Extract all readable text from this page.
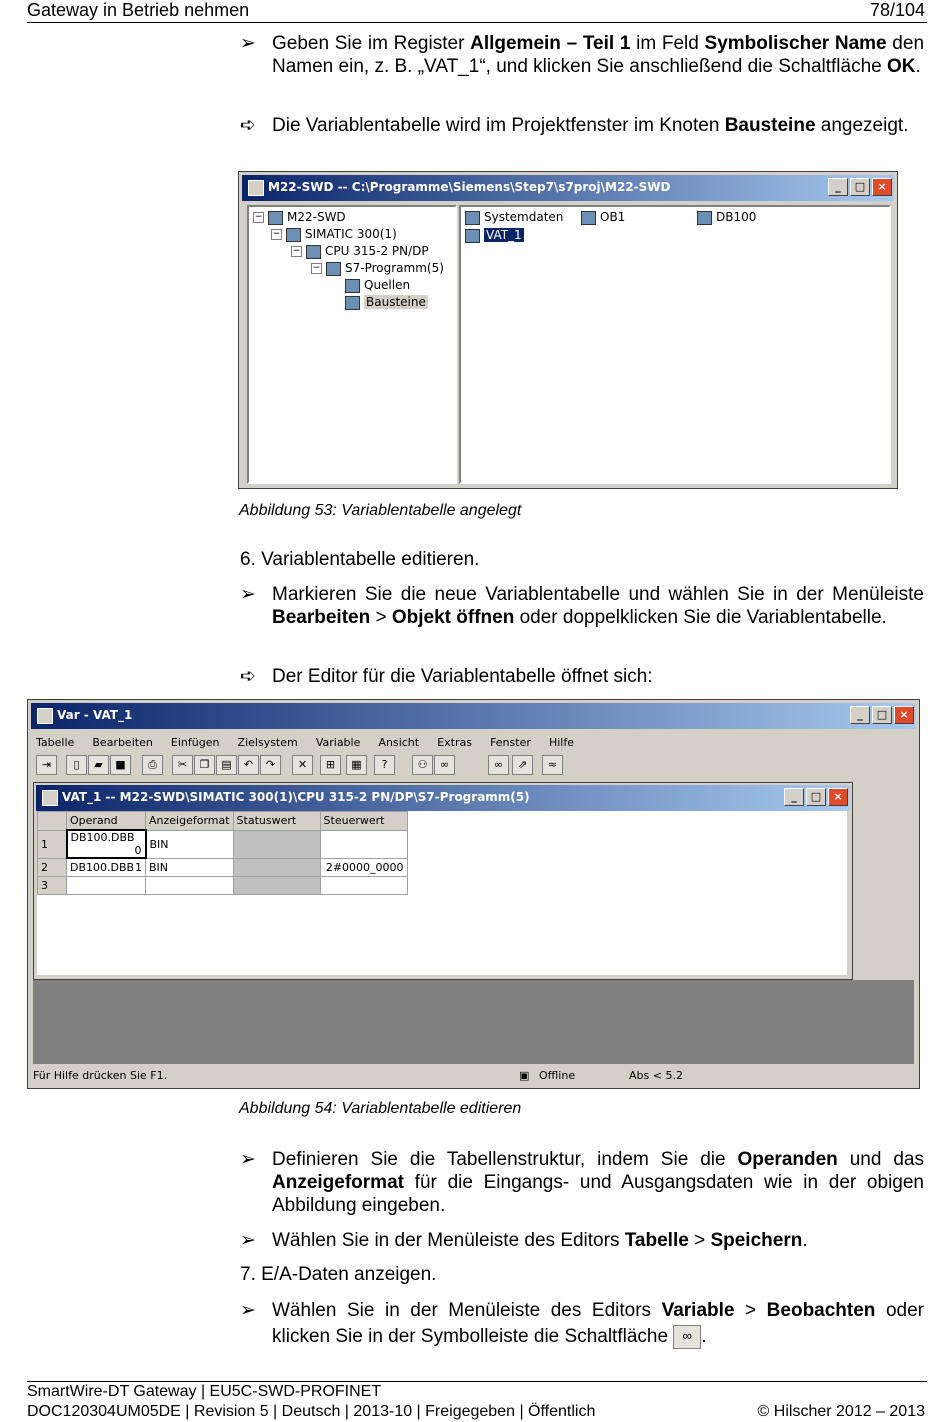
Gateway in Betrieb nehmen	78/104
➢ Geben Sie im Register Allgemein – Teil 1 im Feld Symbolischer Name den Namen ein, z. B. „VAT_1“, und klicken Sie anschließend die Schaltfläche OK.
➪ Die Variablentabelle wird im Projektfenster im Knoten Bausteine angezeigt.
M22-SWD -- C:\Programme\Siemens\Step7\s7proj\M22-SWD	_	□	×
− M22-SWD
− SIMATIC 300(1)
− CPU 315-2 PN/DP
− S7-Programm(5)
Quellen
Bausteine
Systemdaten	OB1	DB100
VAT_1
Abbildung 53: Variablentabelle angelegt
6. Variablentabelle editieren.
➢ Markieren Sie die neue Variablentabelle und wählen Sie in der Menüleiste Bearbeiten > Objekt öffnen oder doppelklicken Sie die Variablentabelle.
➪ Der Editor für die Variablentabelle öffnet sich:
Var - VAT_1	_	□	×
Tabelle Bearbeiten Einfügen Zielsystem Variable Ansicht Extras Fenster Hilfe
⇥	▯	▰	■	⎙	✂	❐	▤	↶	↷	✕	⊞	▦	?	⚇	∞	∞	⇗	≈
VAT_1 -- M22-SWD\SIMATIC 300(1)\CPU 315-2 PN/DP\S7-Programm(5)	_	□	×
	Operand	Anzeigeformat	Statuswert	Steuerwert
1	DB100.DBB
0	BIN		
2	DB100.DBB 1	BIN		2#0000_0000
3	

Für Hilfe drücken Sie F1.	▣ Offline	Abs < 5.2
Abbildung 54: Variablentabelle editieren
➢ Definieren Sie die Tabellenstruktur, indem Sie die Operanden und das Anzeigeformat für die Eingangs- und Ausgangsdaten wie in der obigen Abbildung eingeben.
➢ Wählen Sie in der Menüleiste des Editors Tabelle > Speichern.
7. E/A-Daten anzeigen.
➢ Wählen Sie in der Menüleiste des Editors Variable > Beobachten oder klicken Sie in der Symbolleiste die Schaltfläche ∞ .
SmartWire-DT Gateway | EU5C-SWD-PROFINET
DOC120304UM05DE | Revision 5 | Deutsch | 2013-10 | Freigegeben | Öffentlich	© Hilscher 2012 – 2013
